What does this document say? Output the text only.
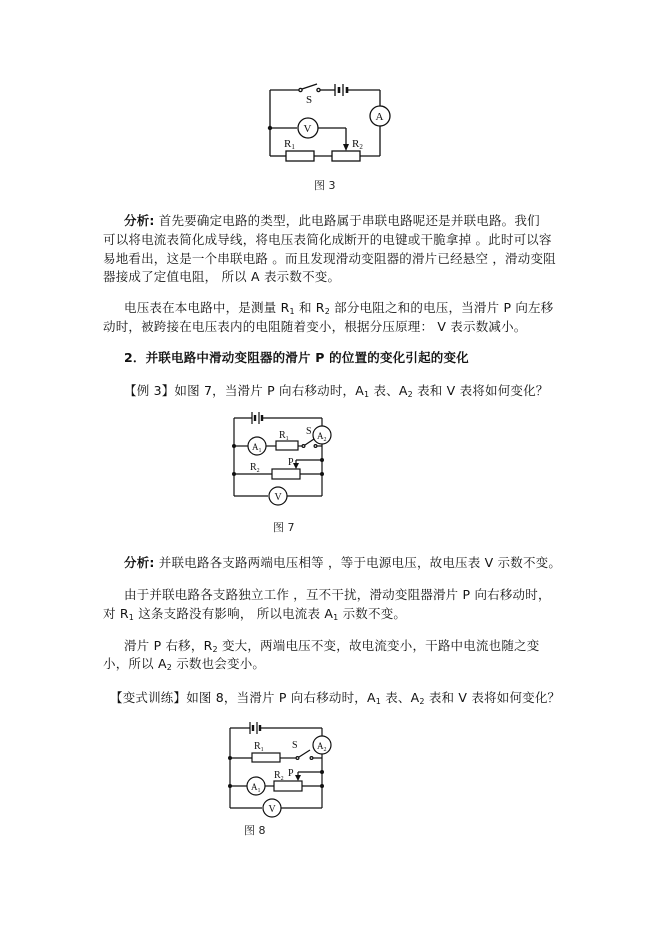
S
A
V
R1	R2
图 3
分析: 首先要确定电路的类型，此电路属于串联电路呢还是并联电路。我们
可以将电流表简化成导线，将电压表简化成断开的电键或干脆拿掉 。此时可以容
易地看出，这是一个串联电路 。而且发现滑动变阻器的滑片已经悬空 ，滑动变阻
器接成了定值电阻， 所以 A 表示数不变。
电压表在本电路中，是测量 $R_1$ 和 $R_2$ 部分电阻之和的电压，当滑片 P 向左移
动时，被跨接在电压表内的电阻随着变小，根据分压原理： V 表示数减小。
2．并联电路中滑动变阻器的滑片 P 的位置的变化引起的变化
【例 3】如图 7，当滑片 P 向右移动时，$A_1$ 表、$A_2$ 表和 V 表将如何变化？
S $A_2$
$A_1$
$R_1$
$R_2$
P
V
图 7
分析: 并联电路各支路两端电压相等 ，等于电源电压，故电压表 V 示数不变。
由于并联电路各支路独立工作 ，互不干扰，滑动变阻器滑片 P 向右移动时，
对 $R_1$ 这条支路没有影响， 所以电流表 $A_1$ 示数不变。
滑片 P 右移，$R_2$ 变大，两端电压不变，故电流变小，干路中电流也随之变
小，所以 $A_2$ 示数也会变小。
【变式训练】如图 8，当滑片 P 向右移动时，$A_1$ 表、$A_2$ 表和 V 表将如何变化？
S $A_2$
$R_1$
$A_1$
$R_2$ P
V
图 8
